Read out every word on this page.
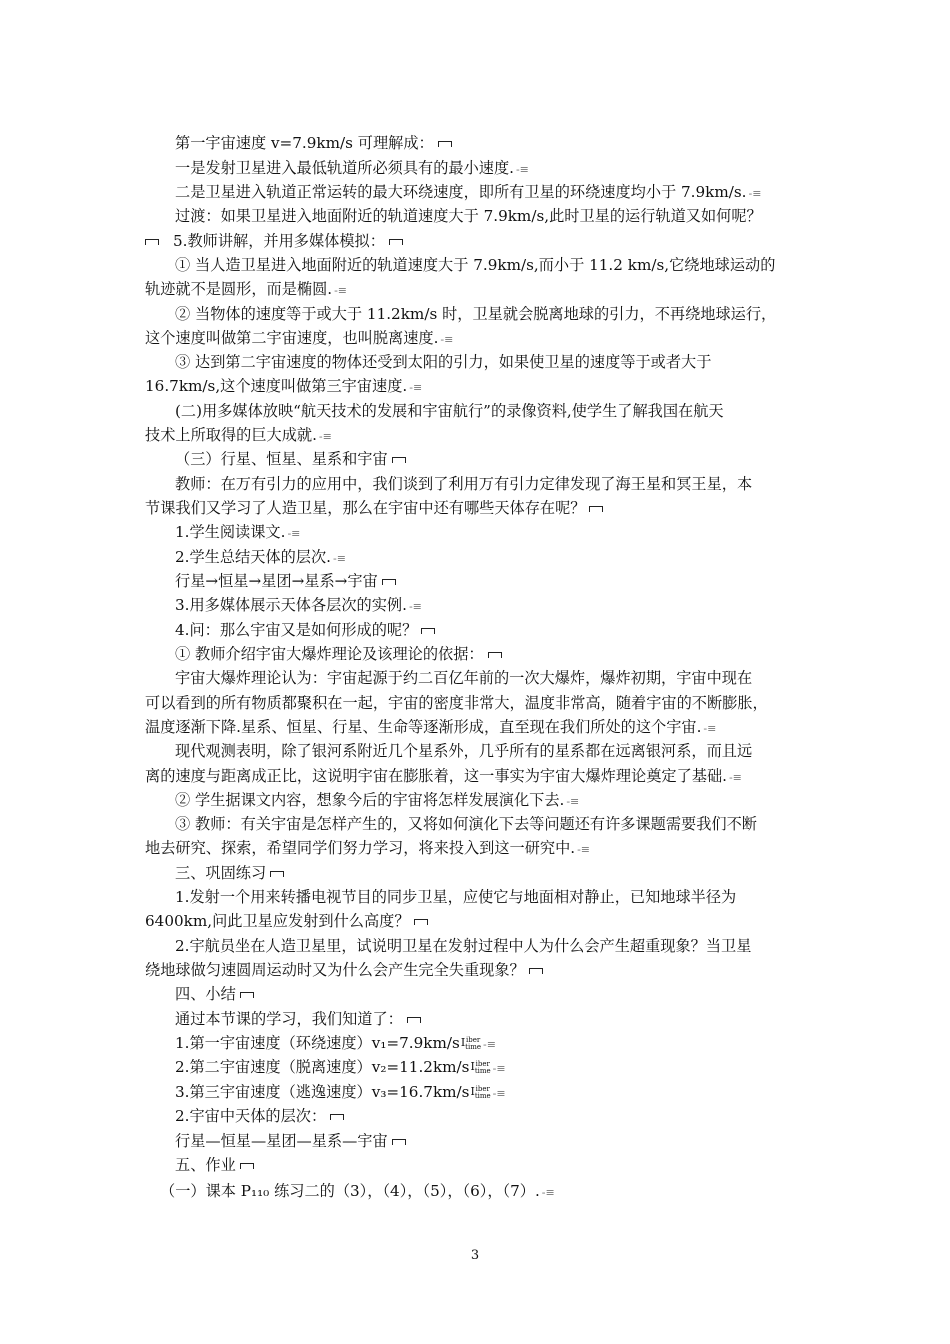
第一宇宙速度 v=7.9km/s 可理解成：
一是发射卫星进入最低轨道所必须具有的最小速度. -≡
二是卫星进入轨道正常运转的最大环绕速度，即所有卫星的环绕速度均小于 7.9km/s. -≡
过渡：如果卫星进入地面附近的轨道速度大于 7.9km/s,此时卫星的运行轨道又如何呢？
5.教师讲解，并用多媒体模拟：
① 当人造卫星进入地面附近的轨道速度大于 7.9km/s,而小于 11.2 km/s,它绕地球运动的
轨迹就不是圆形，而是椭圆. -≡
② 当物体的速度等于或大于 11.2km/s 时，卫星就会脱离地球的引力，不再绕地球运行，
这个速度叫做第二宇宙速度，也叫脱离速度. -≡
③ 达到第二宇宙速度的物体还受到太阳的引力，如果使卫星的速度等于或者大于
16.7km/s,这个速度叫做第三宇宙速度. -≡
(二)用多媒体放映“航天技术的发展和宇宙航行”的录像资料,使学生了解我国在航天
技术上所取得的巨大成就. -≡
（三）行星、恒星、星系和宇宙
教师：在万有引力的应用中，我们谈到了利用万有引力定律发现了海王星和冥王星，本
节课我们又学习了人造卫星，那么在宇宙中还有哪些天体存在呢？
1.学生阅读课文. -≡
2.学生总结天体的层次. -≡
行星→恒星→星团→星系→宇宙
3.用多媒体展示天体各层次的实例. -≡
4.问：那么宇宙又是如何形成的呢？
① 教师介绍宇宙大爆炸理论及该理论的依据：
宇宙大爆炸理论认为：宇宙起源于约二百亿年前的一次大爆炸，爆炸初期，宇宙中现在
可以看到的所有物质都聚积在一起，宇宙的密度非常大，温度非常高，随着宇宙的不断膨胀，
温度逐渐下降.星系、恒星、行星、生命等逐渐形成，直至现在我们所处的这个宇宙. -≡
现代观测表明，除了银河系附近几个星系外，几乎所有的星系都在远离银河系，而且远
离的速度与距离成正比，这说明宇宙在膨胀着，这一事实为宇宙大爆炸理论奠定了基础. -≡
② 学生据课文内容，想象今后的宇宙将怎样发展演化下去. -≡
③ 教师：有关宇宙是怎样产生的，又将如何演化下去等问题还有许多课题需要我们不断
地去研究、探索，希望同学们努力学习，将来投入到这一研究中. -≡
三、巩固练习
1.发射一个用来转播电视节目的同步卫星，应使它与地面相对静止，已知地球半径为
6400km,问此卫星应发射到什么高度？
2.宇航员坐在人造卫星里，试说明卫星在发射过程中人为什么会产生超重现象？当卫星
绕地球做匀速圆周运动时又为什么会产生完全失重现象？
四、小结
通过本节课的学习，我们知道了：
1.第一宇宙速度（环绕速度）v₁=7.9km/sI iber
time -≡
2.第二宇宙速度（脱离速度）v₂=11.2km/sI iber
time -≡
3.第三宇宙速度（逃逸速度）v₃=16.7km/sI iber
time -≡
2.宇宙中天体的层次：
行星—恒星—星团—星系—宇宙
五、作业
（一）课本 P₁₁₀ 练习二的（3），（4），（5），（6），（7）. -≡
3
